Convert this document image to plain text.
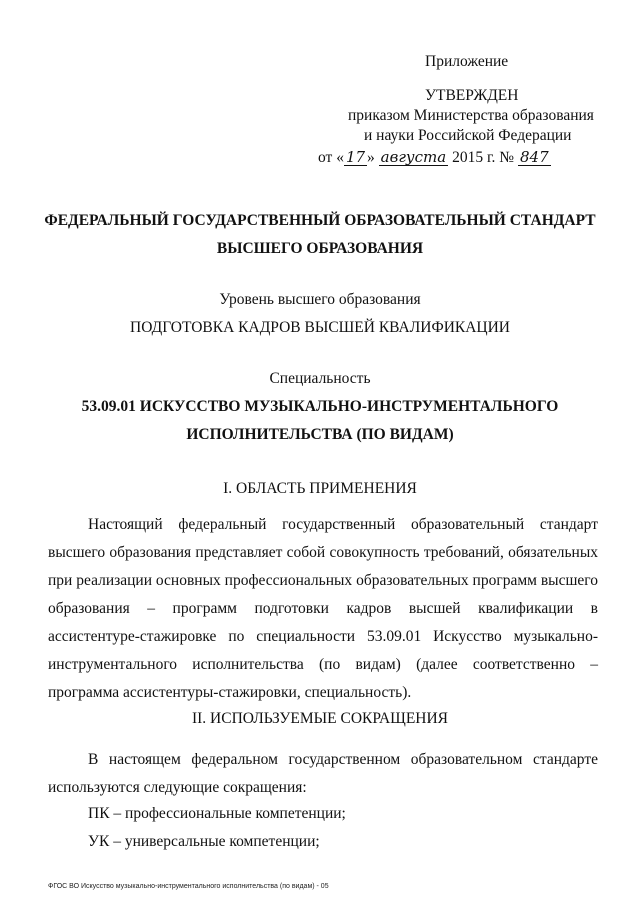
Приложение
УТВЕРЖДЕН
приказом Министерства образования
и науки Российской Федерации
от « 17 » августа 2015 г. № 847
ФЕДЕРАЛЬНЫЙ ГОСУДАРСТВЕННЫЙ ОБРАЗОВАТЕЛЬНЫЙ СТАНДАРТ
ВЫСШЕГО ОБРАЗОВАНИЯ
Уровень высшего образования
ПОДГОТОВКА КАДРОВ ВЫСШЕЙ КВАЛИФИКАЦИИ
Специальность
53.09.01 ИСКУССТВО МУЗЫКАЛЬНО-ИНСТРУМЕНТАЛЬНОГО
ИСПОЛНИТЕЛЬСТВА (ПО ВИДАМ)
I. ОБЛАСТЬ ПРИМЕНЕНИЯ
Настоящий федеральный государственный образовательный стандарт высшего образования представляет собой совокупность требований, обязательных при реализации основных профессиональных образовательных программ высшего образования – программ подготовки кадров высшей квалификации в ассистентуре-стажировке по специальности 53.09.01 Искусство музыкально-инструментального исполнительства (по видам) (далее соответственно – программа ассистентуры-стажировки, специальность).
II. ИСПОЛЬЗУЕМЫЕ СОКРАЩЕНИЯ
В настоящем федеральном государственном образовательном стандарте используются следующие сокращения:
ПК – профессиональные компетенции;
УК – универсальные компетенции;
ФГОС ВО Искусство музыкально-инструментального исполнительства (по видам) - 05
